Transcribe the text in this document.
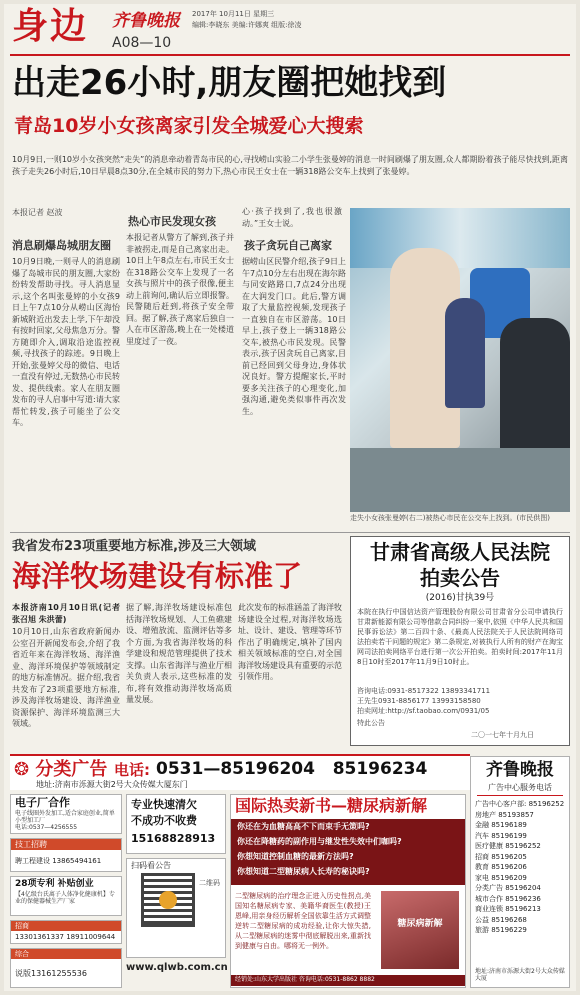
身边 齐鲁晚报
A08—10
2017年 10月11日 星期三
编辑:李晓东 美编:许娜爽 组版:徐凌
出走26小时,朋友圈把她找到
青岛10岁小女孩离家引发全城爱心大搜索
10月9日,一则10岁小女孩突然“走失”的消息牵动着青岛市民的心,寻找崂山实验二小学生张曼婷的消息一时间刷爆了朋友圈,众人都期盼着孩子能尽快找到,距离孩子走失26小时后,10日早晨8点30分,在全城市民的努力下,热心市民王女士在一辆318路公交车上找到了张曼婷。
本报记者 赵波
消息刷爆岛城朋友圈
10月9日晚,一则寻人的消息刷爆了岛城市民的朋友圈,大家纷纷转发帮助寻找。寻人消息显示,这个名叫张曼婷的小女孩9日上午7点10分从崂山区海怡新城附近出发去上学,下午却没有按时回家,父母焦急万分。警方随即介入,调取沿途监控视频,寻找孩子的踪迹。9日晚上开始,张曼婷父母的微信、电话一直没有停过,无数热心市民转发、提供线索。家人在朋友圈发布的寻人启事中写道:请大家帮忙转发,孩子可能坐了公交车。
热心市民发现女孩
本报记者从警方了解到,孩子并非被拐走,而是自己离家出走。10日上午8点左右,市民王女士在318路公交车上发现了一名女孩与照片中的孩子很像,便主动上前询问,确认后立即报警。民警随后赶到,将孩子安全带回。据了解,孩子离家后独自一人在市区游荡,晚上在一处楼道里度过了一夜。
心·孩子找到了,我也很激动。”王女士说。
孩子贪玩自己离家
据崂山区民警介绍,孩子9日上午7点10分左右出现在海尔路与同安路路口,7点24分出现在大润发门口。此后,警方调取了大量监控视频,发现孩子一直独自在市区游荡。10日早上,孩子登上一辆318路公交车,被热心市民发现。民警表示,孩子因贪玩自己离家,目前已经回到父母身边,身体状况良好。警方提醒家长,平时要多关注孩子的心理变化,加强沟通,避免类似事件再次发生。
走失小女孩张曼婷(右二)被热心市民在公交车上找到。(市民供图)
我省发布23项重要地方标准,涉及三大领域
海洋牧场建设有标准了
本报济南10月10日讯(记者 张召旭 朱洪蕾)
10月10日,山东省政府新闻办公室召开新闻发布会,介绍了我省近年来在海洋牧场、海洋渔业、海洋环境保护等领域制定的地方标准情况。据介绍,我省共发布了23项重要地方标准,涉及海洋牧场建设、海洋渔业资源保护、海洋环境监测三大领域。
据了解,海洋牧场建设标准包括海洋牧场规划、人工鱼礁建设、增殖放流、监测评估等多个方面,为我省海洋牧场的科学建设和规范管理提供了技术支撑。山东省海洋与渔业厅相关负责人表示,这些标准的发布,将有效推动海洋牧场高质量发展。
此次发布的标准涵盖了海洋牧场建设全过程,对海洋牧场选址、设计、建设、管理等环节作出了明确规定,填补了国内相关领域标准的空白,对全国海洋牧场建设具有重要的示范引领作用。
甘肃省高级人民法院
拍卖公告
(2016)甘执39号
本院在执行中国信达资产管理股份有限公司甘肃省分公司申请执行甘肃新能源有限公司等借款合同纠纷一案中,依照《中华人民共和国民事诉讼法》第二百四十条、《最高人民法院关于人民法院网络司法拍卖若干问题的规定》第二条规定,对被执行人所有的财产在淘宝网司法拍卖网络平台进行第一次公开拍卖。拍卖时间:2017年11月8日10时至2017年11月9日10时止。
咨询电话:0931-8517322 13893341711
王先生0931-8856177 13993158580
拍卖网址:http://sf.taobao.com/0931/05
特此公告
二〇一七年十月九日
❂ 分类广告 电话: 0531—85196204   85196234
地址:济南市泺源大街2号大众传媒大厦东门
电子厂合作
电子线圈外发加工,适合家庭创业,简单小型加工厂
电话:0537—4256555
技工招聘
聘工程建设 13865494161
28项专利 补贴创业
【4亿级台氏离子人体净化健康机】专业的保健器械生产厂家
招商
13301361337 18911009644
综合
说版13161255536
专业快速清欠
不成功不收费
15168828913
扫码看公告
二维码
www.qlwb.com.cn
国际热卖新书—糖尿病新解
你还在为血糖高高不下而束手无策吗?
你还在降糖药的副作用与继发性失效中们咖吗?
你想知道控制血糖的最新方法吗?
你想知道二型糖尿病人长寿的秘诀吗?
二型糖尿病的治疗理念正进入历史性拐点,美国知名糖尿病专家、美籍华裔医生(教授)王恩峰,用亲身经历解析全国依靠生活方式调整逆转二型糖尿病的成功经验,让你大惊失措,从二型糖尿病的迷雾中彻底解脱出来,重新找到健康与自由。哪将无一例外。
糖尿病新解
经销处:山东大学出版社 咨询电话:0531-8862 8882
齐鲁晚报
广告中心服务电话
广告中心客户部: 85196252
房地产 85193857
金融 85196189
汽车 85196199
医疗健康 85196252
招商 85196205
教育 85196206
家电 85196209
分类广告 85196204
城市合作 85196236
商业连锁 85196213
公益 85196268
旅游 85196229
地址:济南市泺源大街2号大众传媒大厦
